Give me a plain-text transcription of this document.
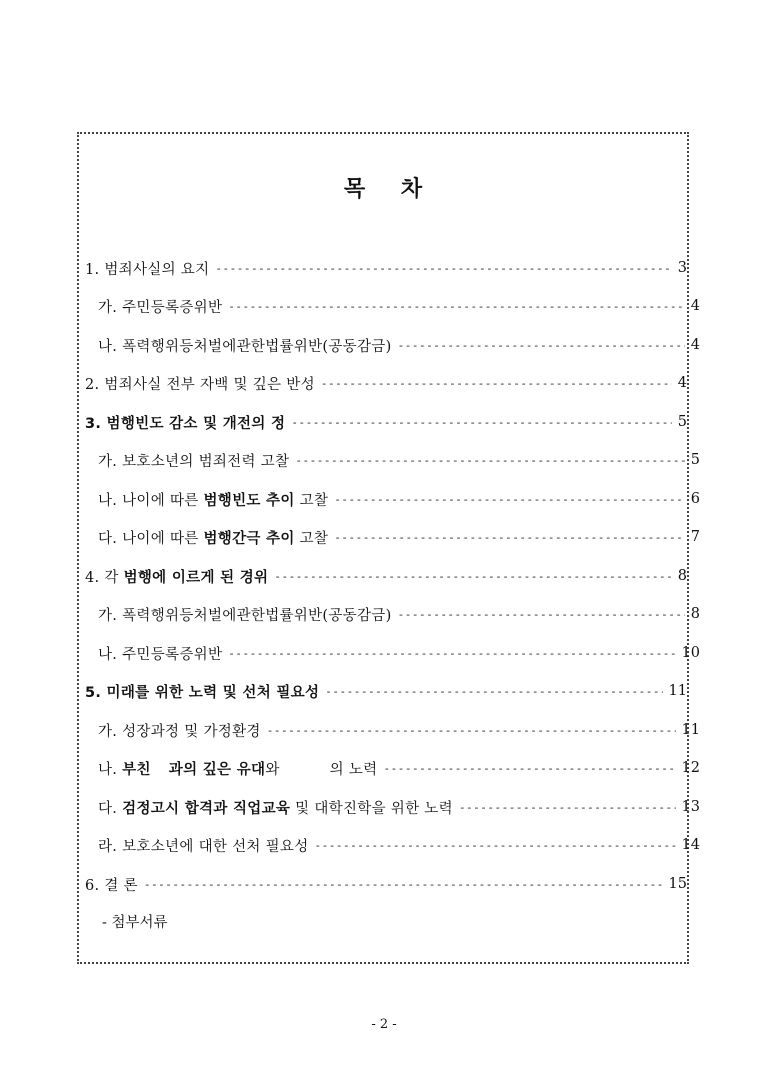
목 차
1. 범죄사실의 요지 -----	3
가. 주민등록증위반 -----	4
나. 폭력행위등처벌에관한법률위반(공동감금) -----	4
2. 범죄사실 전부 자백 및 깊은 반성 -----	4
3. 범행빈도 감소 및 개전의 정 -----	5
가. 보호소년의 범죄전력 고찰 -----	5
나. 나이에 따른 범행빈도 추이 고찰 -----	6
다. 나이에 따른 범행간극 추이 고찰 -----	7
4. 각 범행에 이르게 된 경위 -----	8
가. 폭력행위등처벌에관한법률위반(공동감금) -----	8
나. 주민등록증위반 -----	10
5. 미래를 위한 노력 및 선처 필요성 -----	11
가. 성장과정 및 가정환경 -----	11
나. 부친 과의 깊은 유대와	의 노력 -----	12
다. 검정고시 합격과 직업교육 및 대학진학을 위한 노력 -----	13
라. 보호소년에 대한 선처 필요성 -----	14
6. 결 론 -----	15
- 첨부서류
- 2 -
